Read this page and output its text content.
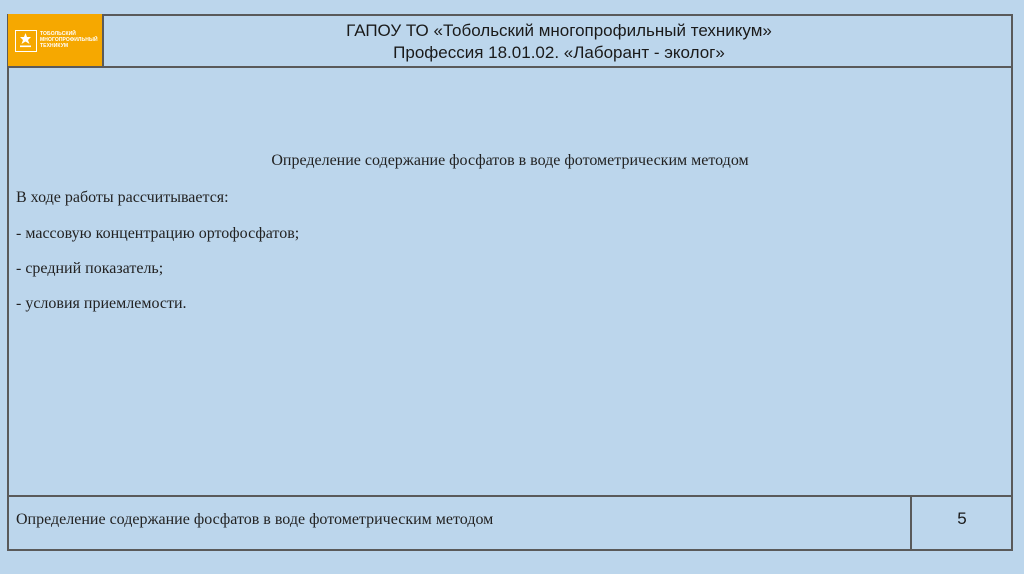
ТОБОЛЬСКИЙ
МНОГОПРОФИЛЬНЫЙ
ТЕХНИКУМ
ГАПОУ ТО «Тобольский многопрофильный техникум»
Профессия 18.01.02. «Лаборант - эколог»
Определение содержание фосфатов в воде фотометрическим методом
В ходе работы рассчитывается:
- массовую концентрацию ортофосфатов;
- средний показатель;
- условия приемлемости.
Определение содержание фосфатов в воде фотометрическим методом	5
